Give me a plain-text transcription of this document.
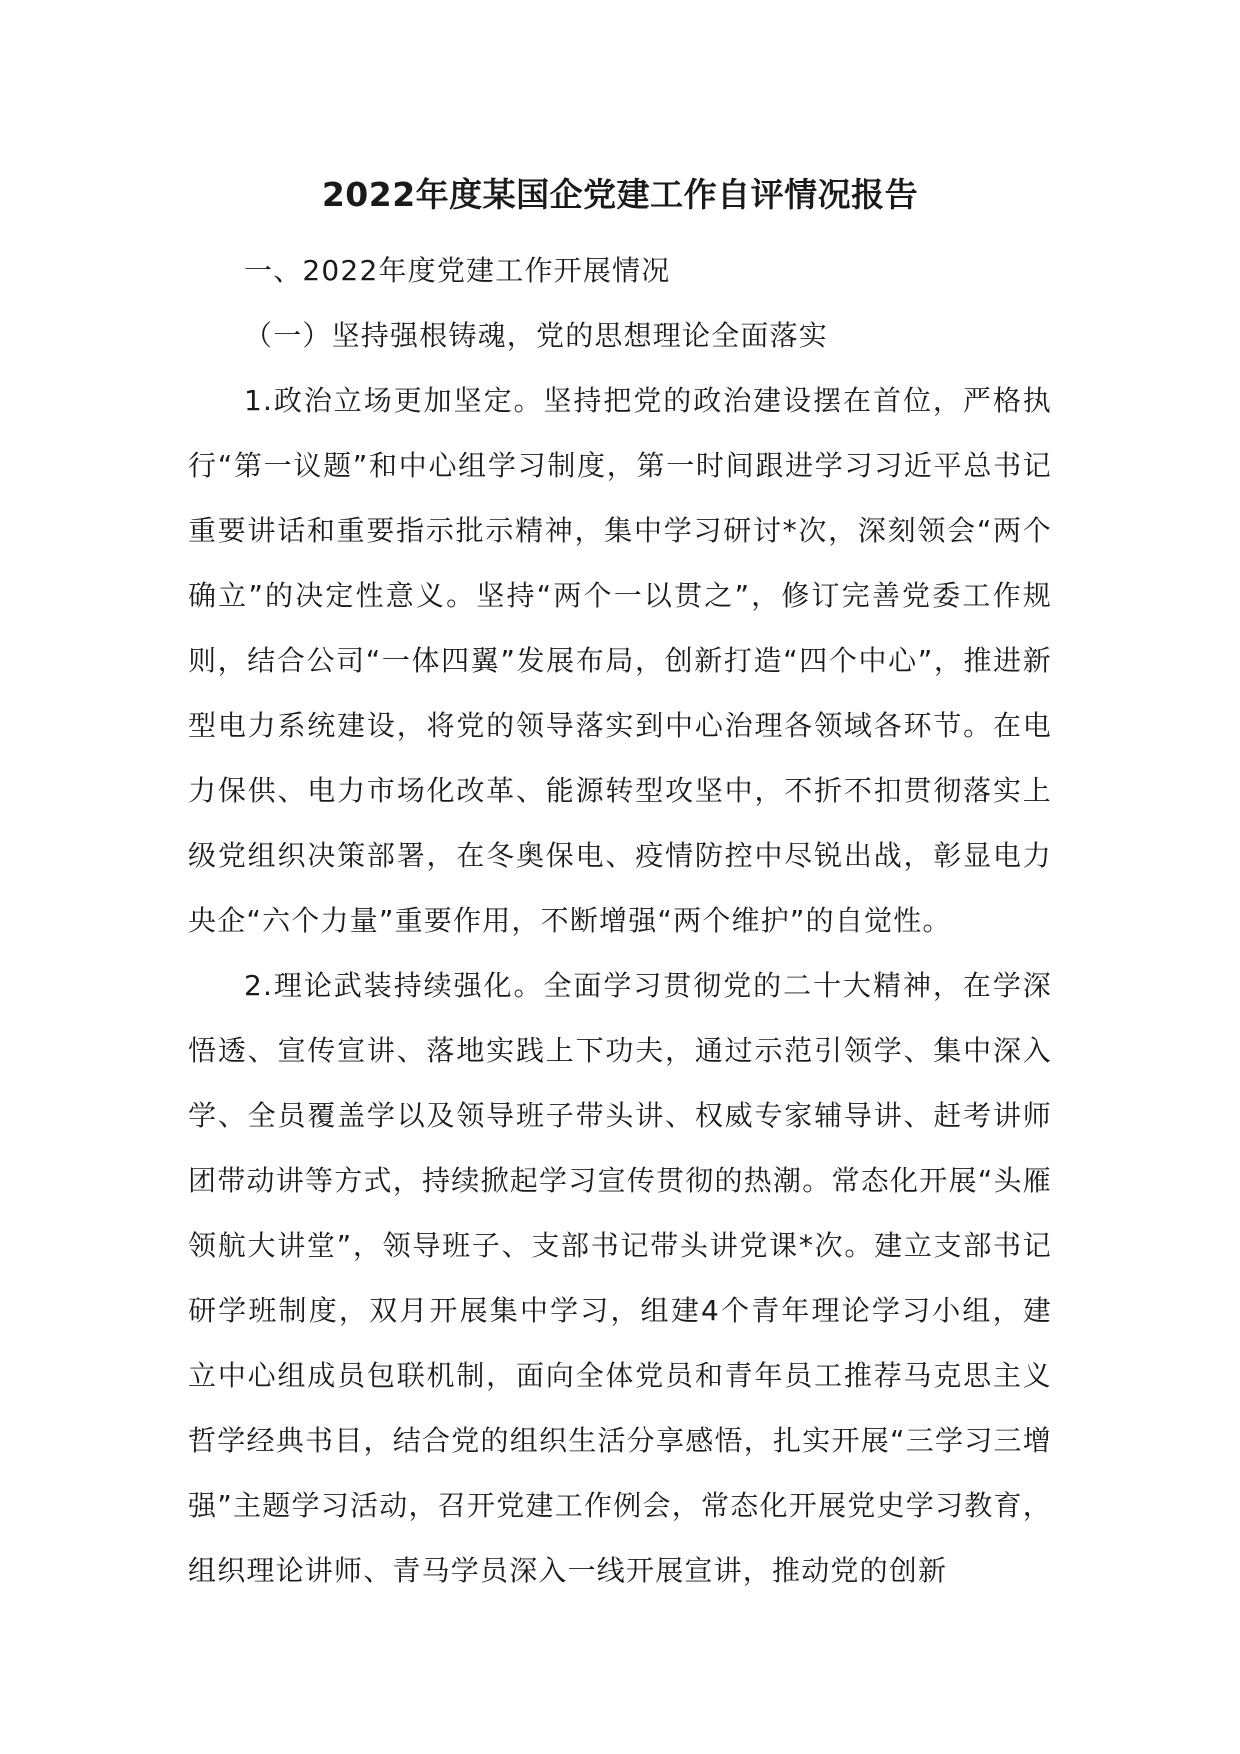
2022年度某国企党建工作自评情况报告

一、2022年度党建工作开展情况

（一）坚持强根铸魂，党的思想理论全面落实

1.政治立场更加坚定。坚持把党的政治建设摆在首位，严格执行“第一议题”和中心组学习制度，第一时间跟进学习习近平总书记重要讲话和重要指示批示精神，集中学习研讨*次，深刻领会“两个确立”的决定性意义。坚持“两个一以贯之”，修订完善党委工作规则，结合公司“一体四翼”发展布局，创新打造“四个中心”，推进新型电力系统建设，将党的领导落实到中心治理各领域各环节。在电力保供、电力市场化改革、能源转型攻坚中，不折不扣贯彻落实上级党组织决策部署，在冬奥保电、疫情防控中尽锐出战，彰显电力央企“六个力量”重要作用，不断增强“两个维护”的自觉性。

2.理论武装持续强化。全面学习贯彻党的二十大精神，在学深悟透、宣传宣讲、落地实践上下功夫，通过示范引领学、集中深入学、全员覆盖学以及领导班子带头讲、权威专家辅导讲、赶考讲师团带动讲等方式，持续掀起学习宣传贯彻的热潮。常态化开展“头雁领航大讲堂”，领导班子、支部书记带头讲党课*次。建立支部书记研学班制度，双月开展集中学习，组建4个青年理论学习小组，建立中心组成员包联机制，面向全体党员和青年员工推荐马克思主义哲学经典书目，结合党的组织生活分享感悟，扎实开展“三学习三增强”主题学习活动，召开党建工作例会，常态化开展党史学习教育，组织理论讲师、青马学员深入一线开展宣讲，推动党的创新
